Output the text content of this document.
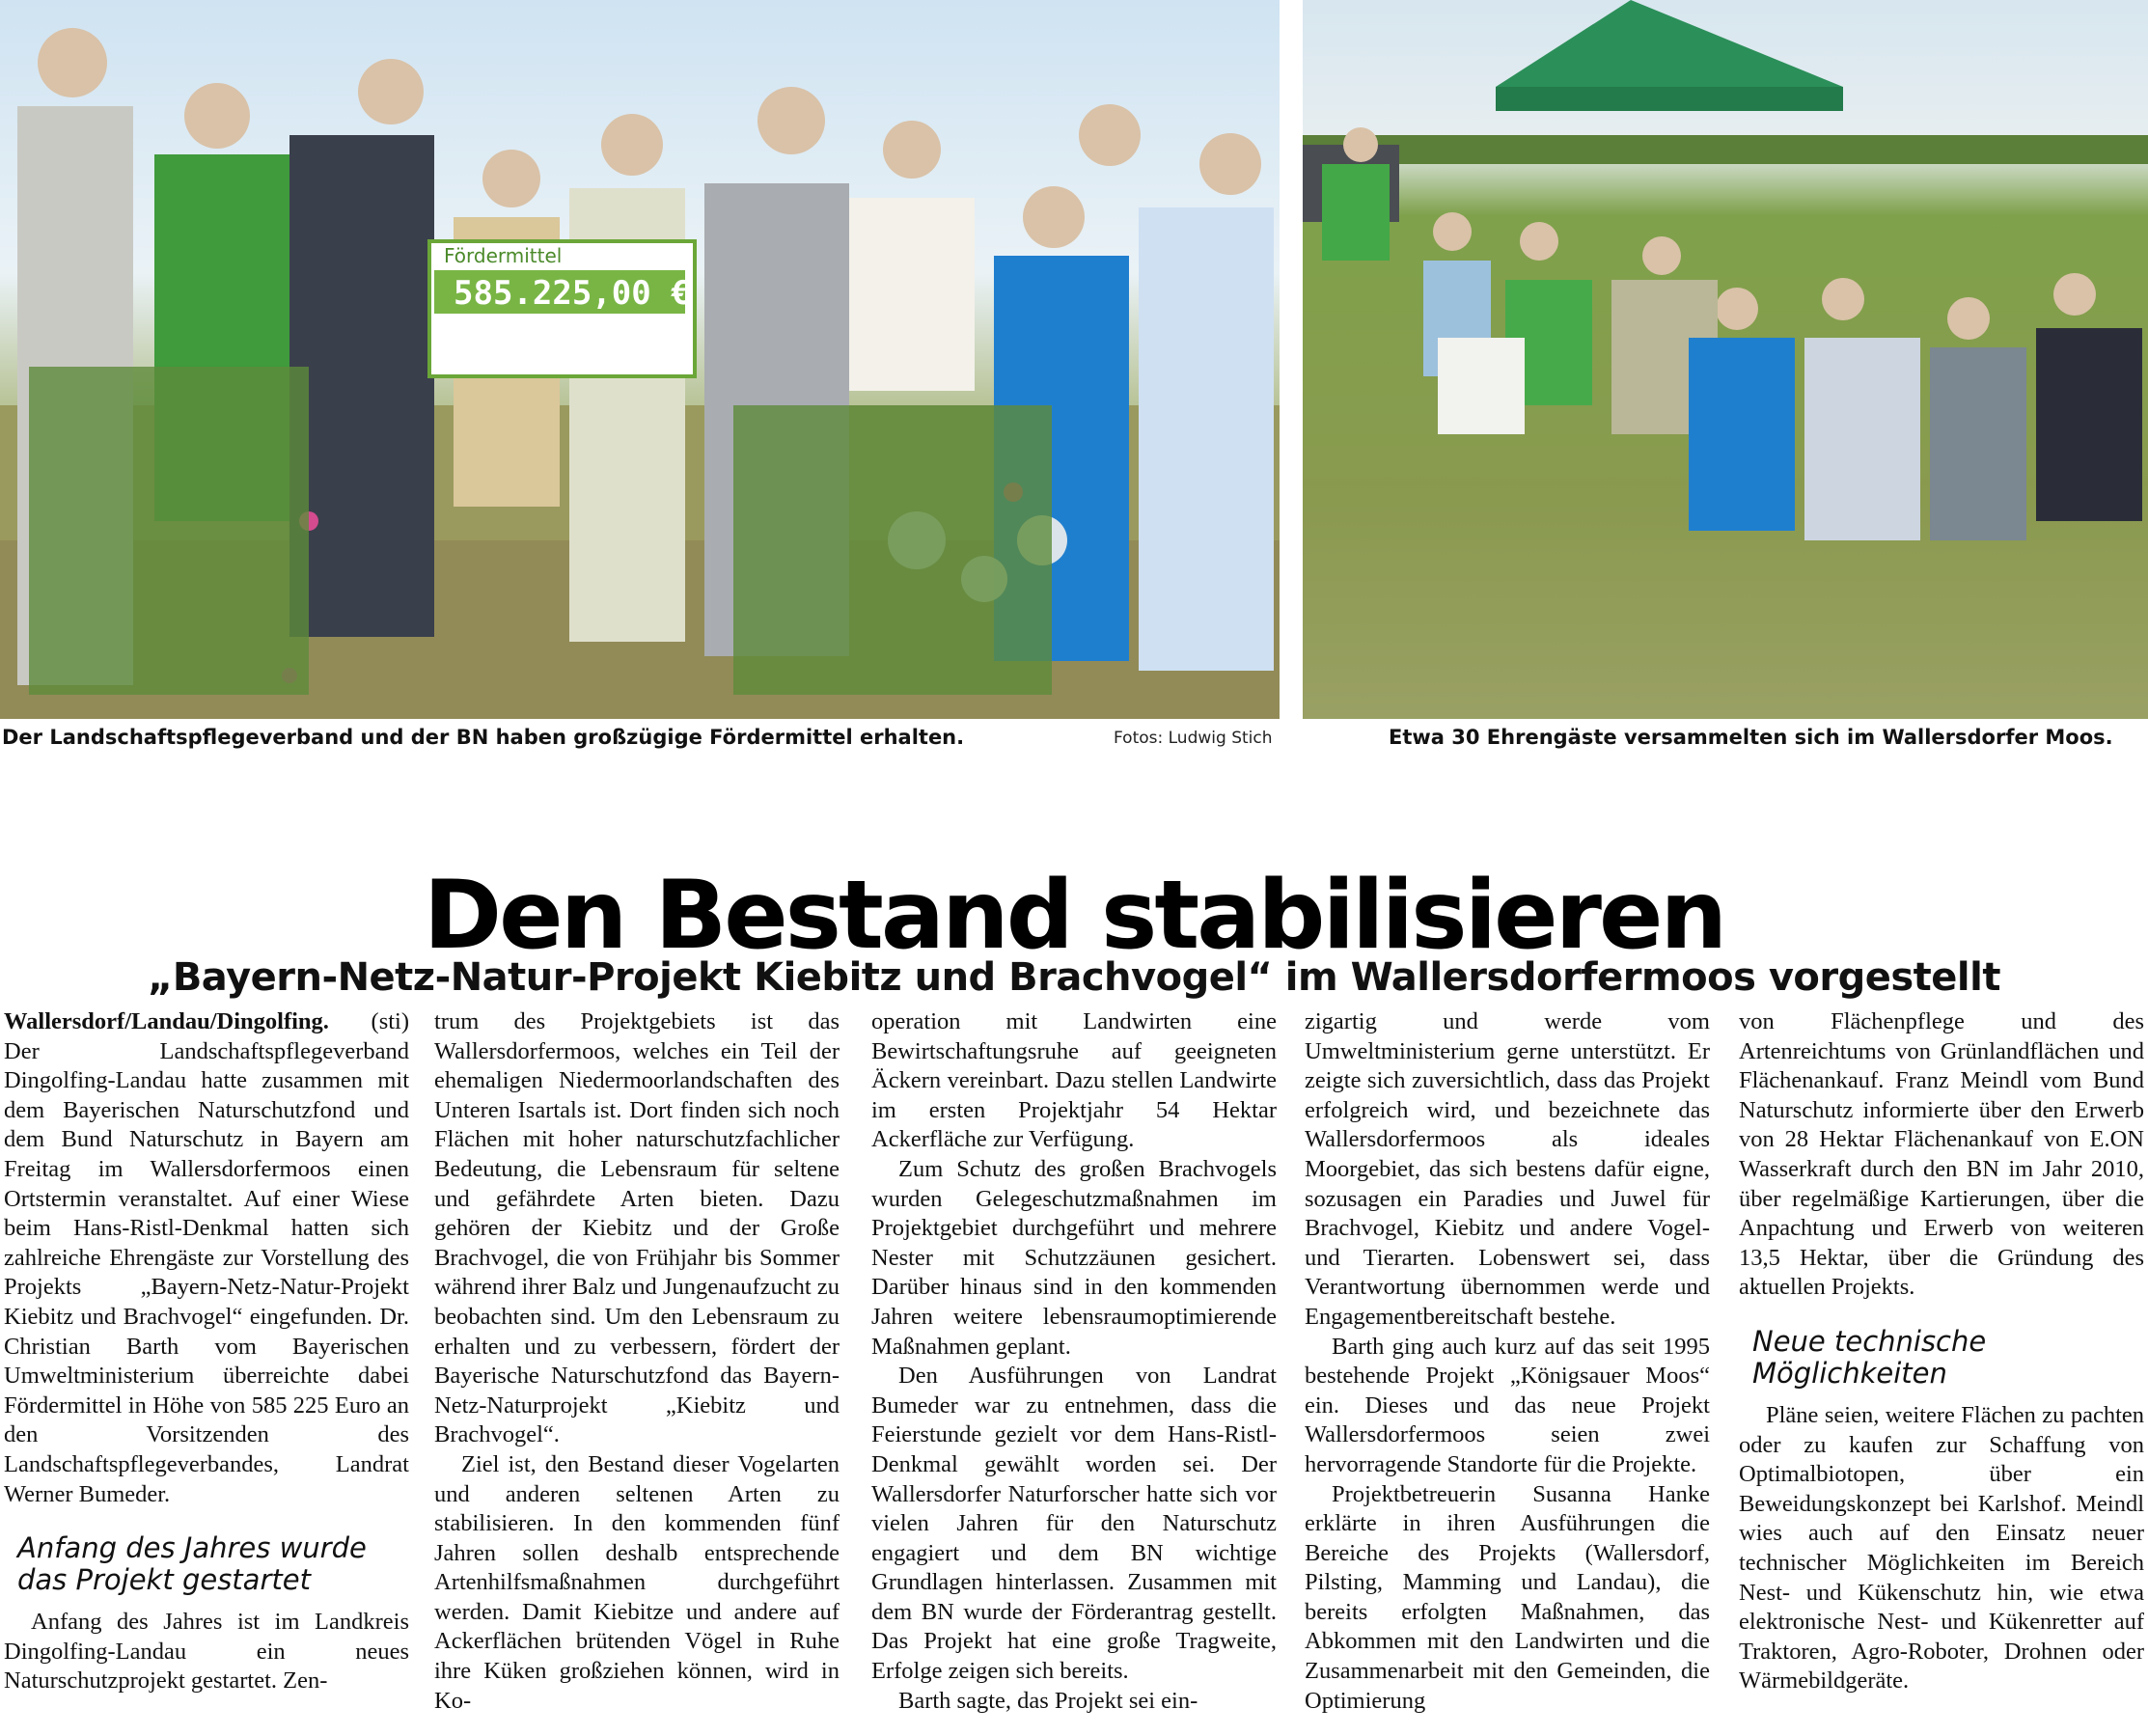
Fördermittel
585.225,00 €
Der Landschaftspflegeverband und der BN haben großzügige Fördermittel erhalten.	Fotos: Ludwig Stich	Etwa 30 Ehrengäste versammelten sich im Wallersdorfer Moos.
Den Bestand stabilisieren
„Bayern-Netz-Natur-Projekt Kiebitz und Brachvogel“ im Wallersdorfermoos vorgestellt

Wallersdorf/Landau/Dingolfing. (sti) Der Landschaftspflegeverband Dingolfing-Landau hatte zusammen mit dem Bayerischen Naturschutzfond und dem Bund Naturschutz in Bayern am Freitag im Wallersdorfermoos einen Ortstermin veranstaltet. Auf einer Wiese beim Hans-Ristl-Denkmal hatten sich zahlreiche Ehrengäste zur Vorstellung des Projekts „Bayern-Netz-Natur-Projekt Kiebitz und Brachvogel“ eingefunden. Dr. Christian Barth vom Bayerischen Umweltministerium überreichte dabei Fördermittel in Höhe von 585 225 Euro an den Vorsitzenden des Landschaftspflegeverbandes, Landrat Werner Bumeder.

Anfang des Jahres wurde das Projekt gestartet

Anfang des Jahres ist im Landkreis Dingolfing-Landau ein neues Naturschutzprojekt gestartet. Zen-

trum des Projektgebiets ist das Wallersdorfermoos, welches ein Teil der ehemaligen Niedermoorlandschaften des Unteren Isartals ist. Dort finden sich noch Flächen mit hoher naturschutzfachlicher Bedeutung, die Lebensraum für seltene und gefährdete Arten bieten. Dazu gehören der Kiebitz und der Große Brachvogel, die von Frühjahr bis Sommer während ihrer Balz und Jungenaufzucht zu beobachten sind. Um den Lebensraum zu erhalten und zu verbessern, fördert der Bayerische Naturschutzfond das Bayern-Netz-Naturprojekt „Kiebitz und Brachvogel“.

Ziel ist, den Bestand dieser Vogelarten und anderen seltenen Arten zu stabilisieren. In den kommenden fünf Jahren sollen deshalb entsprechende Artenhilfsmaßnahmen durchgeführt werden. Damit Kiebitze und andere auf Ackerflächen brütenden Vögel in Ruhe ihre Küken großziehen können, wird in Ko-

operation mit Landwirten eine Bewirtschaftungsruhe auf geeigneten Äckern vereinbart. Dazu stellen Landwirte im ersten Projektjahr 54 Hektar Ackerfläche zur Verfügung.

Zum Schutz des großen Brachvogels wurden Gelegeschutzmaßnahmen im Projektgebiet durchgeführt und mehrere Nester mit Schutzzäunen gesichert. Darüber hinaus sind in den kommenden Jahren weitere lebensraumoptimierende Maßnahmen geplant.

Den Ausführungen von Landrat Bumeder war zu entnehmen, dass die Feierstunde gezielt vor dem Hans-Ristl-Denkmal gewählt worden sei. Der Wallersdorfer Naturforscher hatte sich vor vielen Jahren für den Naturschutz engagiert und dem BN wichtige Grundlagen hinterlassen. Zusammen mit dem BN wurde der Förderantrag gestellt. Das Projekt hat eine große Tragweite, Erfolge zeigen sich bereits.

Barth sagte, das Projekt sei ein-

zigartig und werde vom Umweltministerium gerne unterstützt. Er zeigte sich zuversichtlich, dass das Projekt erfolgreich wird, und bezeichnete das Wallersdorfermoos als ideales Moorgebiet, das sich bestens dafür eigne, sozusagen ein Paradies und Juwel für Brachvogel, Kiebitz und andere Vogel- und Tierarten. Lobenswert sei, dass Verantwortung übernommen werde und Engagementbereitschaft bestehe.

Barth ging auch kurz auf das seit 1995 bestehende Projekt „Königsauer Moos“ ein. Dieses und das neue Projekt Wallersdorfermoos seien zwei hervorragende Standorte für die Projekte.

Projektbetreuerin Susanna Hanke erklärte in ihren Ausführungen die Bereiche des Projekts (Wallersdorf, Pilsting, Mamming und Landau), die bereits erfolgten Maßnahmen, das Abkommen mit den Landwirten und die Zusammenarbeit mit den Gemeinden, die Optimierung

von Flächenpflege und des Artenreichtums von Grünlandflächen und Flächenankauf. Franz Meindl vom Bund Naturschutz informierte über den Erwerb von 28 Hektar Flächenankauf von E.ON Wasserkraft durch den BN im Jahr 2010, über regelmäßige Kartierungen, über die Anpachtung und Erwerb von weiteren 13,5 Hektar, über die Gründung des aktuellen Projekts.

Neue technische Möglichkeiten

Pläne seien, weitere Flächen zu pachten oder zu kaufen zur Schaffung von Optimalbiotopen, über ein Beweidungskonzept bei Karlshof. Meindl wies auch auf den Einsatz neuer technischer Möglichkeiten im Bereich Nest- und Kükenschutz hin, wie etwa elektronische Nest- und Kükenretter auf Traktoren, Agro-Roboter, Drohnen oder Wärmebildgeräte.
